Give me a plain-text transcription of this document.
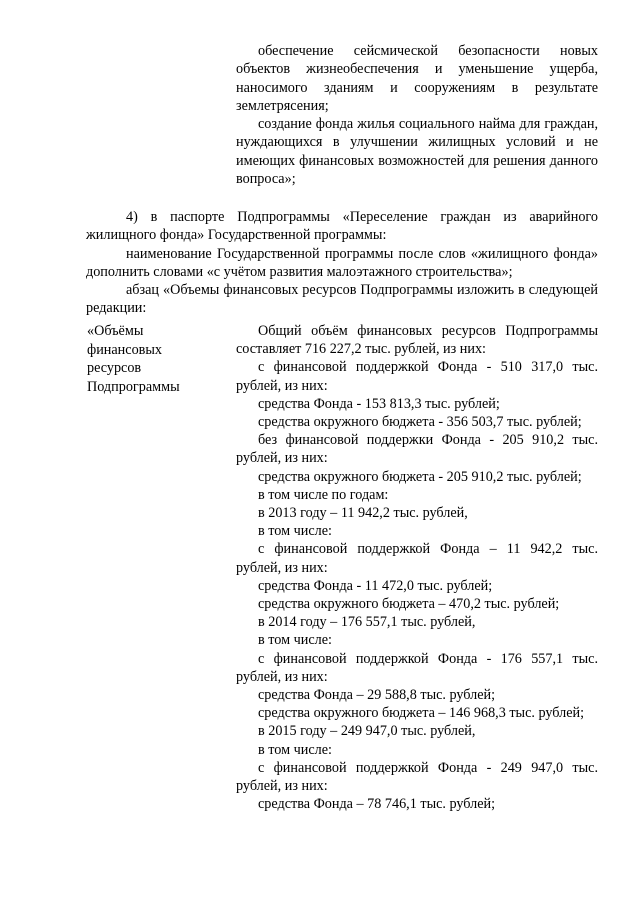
обеспечение сейсмической безопасности новых объектов жизнеобеспечения и уменьшение ущерба, наносимого зданиям и сооружениям в результате землетрясения;

создание фонда жилья социального найма для граждан, нуждающихся в улучшении жилищных условий и не имеющих финансовых возможностей для решения данного вопроса»;

4) в паспорте Подпрограммы «Переселение граждан из аварийного жилищного фонда» Государственной программы:

наименование Государственной программы после слов «жилищного фонда» дополнить словами «с учётом развития малоэтажного строительства»;

абзац «Объемы финансовых ресурсов Подпрограммы изложить в следующей редакции:

«Объёмы финансовых ресурсов Подпрограммы

Общий объём финансовых ресурсов Подпрограммы составляет 716 227,2 тыс. рублей, из них:

с финансовой поддержкой Фонда - 510 317,0 тыс. рублей, из них:

средства Фонда - 153 813,3 тыс. рублей;

средства окружного бюджета - 356 503,7 тыс. рублей;

без финансовой поддержки Фонда - 205 910,2 тыс. рублей, из них:

средства окружного бюджета - 205 910,2 тыс. рублей;

в том числе по годам:

в 2013 году – 11 942,2 тыс. рублей,

в том числе:

с финансовой поддержкой Фонда – 11 942,2 тыс. рублей, из них:

средства Фонда - 11 472,0 тыс. рублей;

средства окружного бюджета – 470,2 тыс. рублей;

в 2014 году – 176 557,1 тыс. рублей,

в том числе:

с финансовой поддержкой Фонда - 176 557,1 тыс. рублей, из них:

средства Фонда – 29 588,8 тыс. рублей;

средства окружного бюджета – 146 968,3 тыс. рублей;

в 2015 году – 249 947,0 тыс. рублей,

в том числе:

с финансовой поддержкой Фонда - 249 947,0 тыс. рублей, из них:

средства Фонда – 78 746,1 тыс. рублей;
